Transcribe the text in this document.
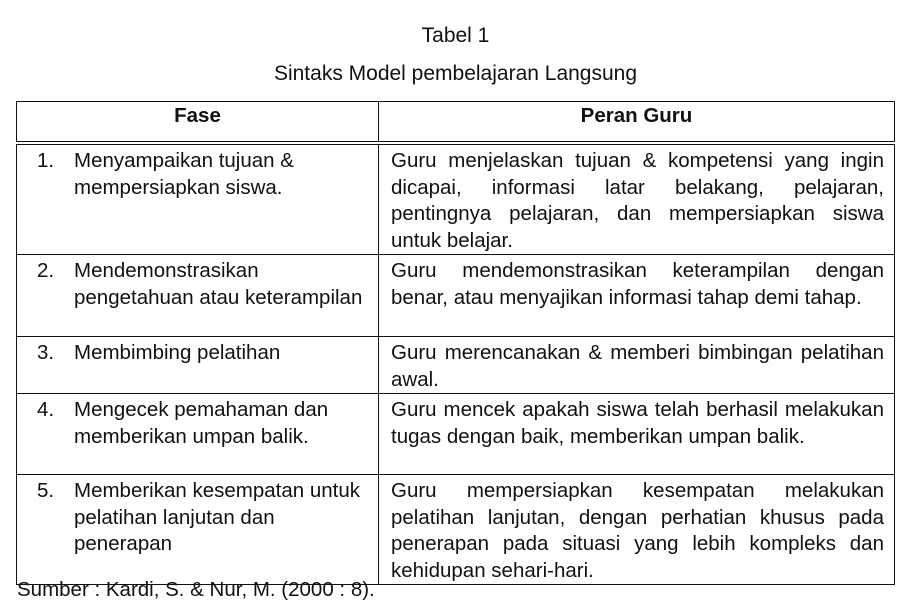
Tabel 1
Sintaks Model pembelajaran Langsung
Fase	Peran Guru

1. Menyampaikan tujuan & mempersiapkan siswa.	Guru menjelaskan tujuan & kompetensi yang ingin dicapai, informasi latar belakang, pelajaran, pentingnya pelajaran, dan mempersiapkan siswa untuk belajar.

2. Mendemonstrasikan pengetahuan atau keterampilan	Guru mendemonstrasikan keterampilan dengan benar, atau menyajikan informasi tahap demi tahap.

3. Membimbing pelatihan	Guru merencanakan & memberi bimbingan pelatihan awal.

4. Mengecek pemahaman dan memberikan umpan balik.	Guru mencek apakah siswa telah berhasil melakukan tugas dengan baik, memberikan umpan balik.

5. Memberikan kesempatan untuk pelatihan lanjutan dan penerapan	Guru mempersiapkan kesempatan melakukan pelatihan lanjutan, dengan perhatian khusus pada penerapan pada situasi yang lebih kompleks dan kehidupan sehari-hari.
Sumber : Kardi, S. & Nur, M. (2000 : 8).
